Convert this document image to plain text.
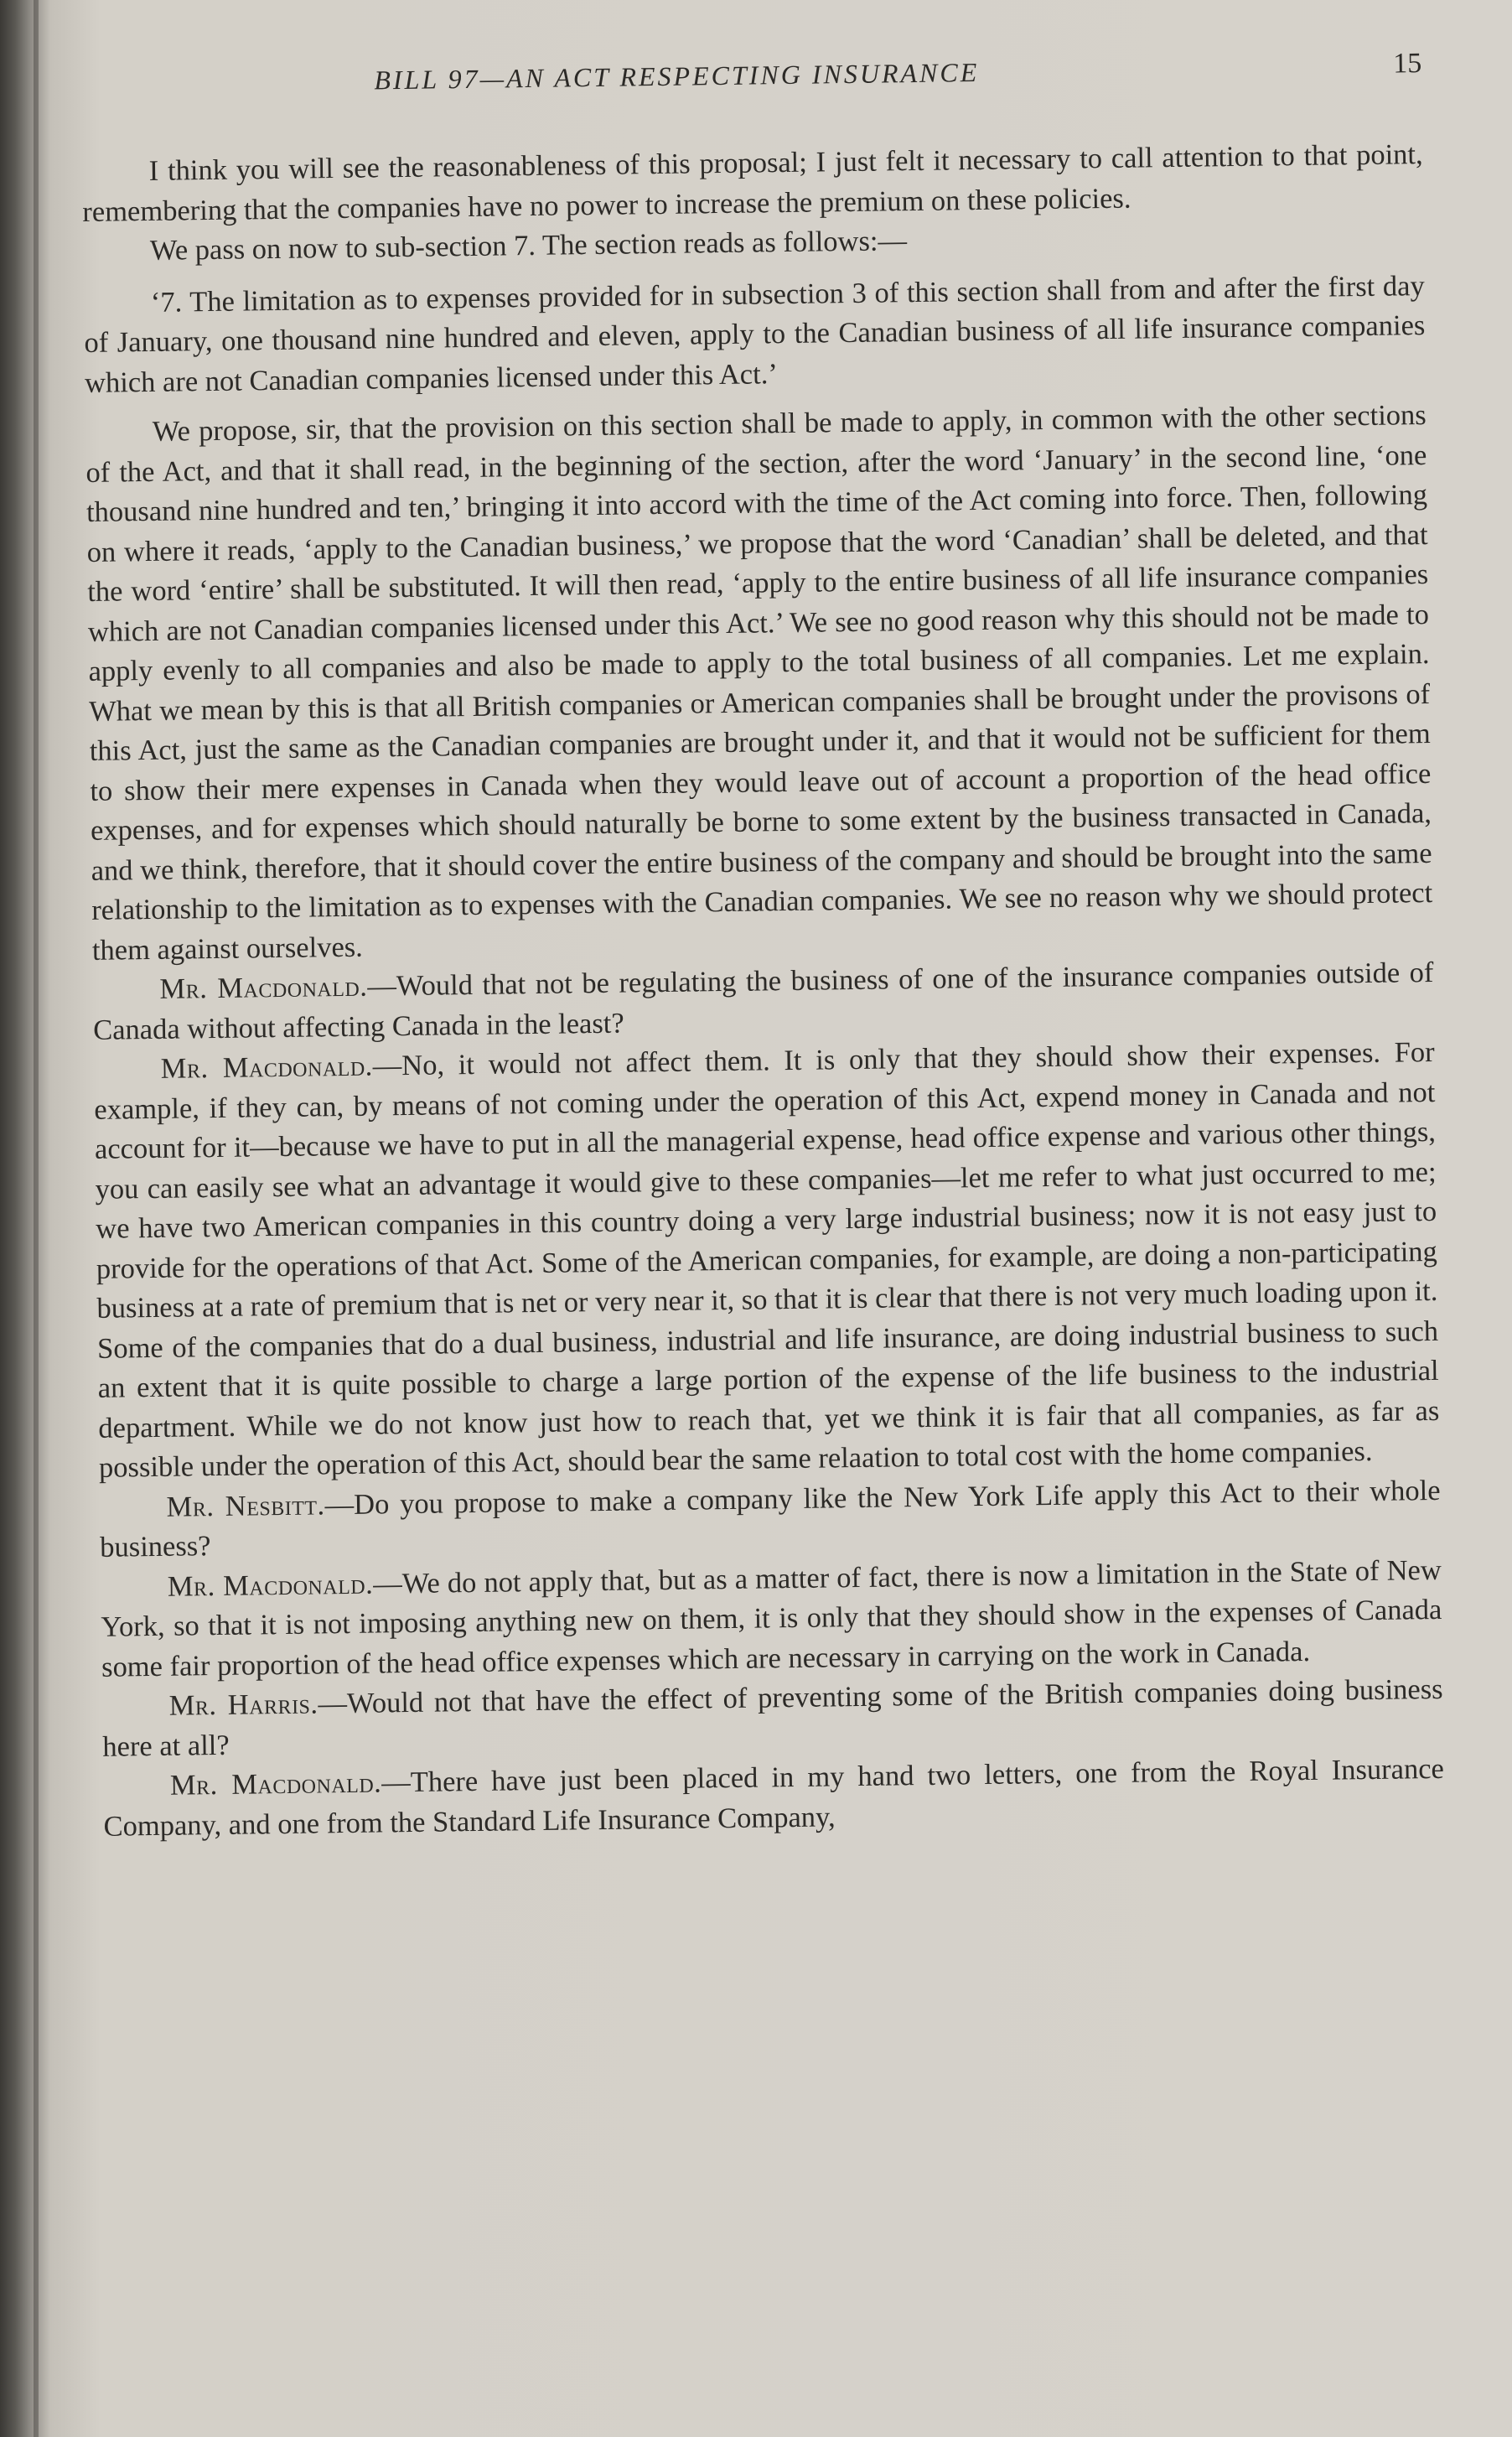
BILL 97—AN ACT RESPECTING INSURANCE	15

I think you will see the reasonableness of this proposal; I just felt it necessary to call attention to that point, remembering that the companies have no power to increase the premium on these policies.

We pass on now to sub-section 7. The section reads as follows:—

‘7. The limitation as to expenses provided for in subsection 3 of this section shall from and after the first day of January, one thousand nine hundred and eleven, apply to the Canadian business of all life insurance companies which are not Canadian companies licensed under this Act.’

We propose, sir, that the provision on this section shall be made to apply, in common with the other sections of the Act, and that it shall read, in the beginning of the section, after the word ‘January’ in the second line, ‘one thousand nine hundred and ten,’ bringing it into accord with the time of the Act coming into force. Then, following on where it reads, ‘apply to the Canadian business,’ we propose that the word ‘Canadian’ shall be deleted, and that the word ‘entire’ shall be substituted. It will then read, ‘apply to the entire business of all life insurance companies which are not Canadian companies licensed under this Act.’ We see no good reason why this should not be made to apply evenly to all companies and also be made to apply to the total business of all companies. Let me explain. What we mean by this is that all British companies or American companies shall be brought under the provisons of this Act, just the same as the Canadian companies are brought under it, and that it would not be sufficient for them to show their mere expenses in Canada when they would leave out of account a proportion of the head office expenses, and for expenses which should naturally be borne to some extent by the business transacted in Canada, and we think, therefore, that it should cover the entire business of the company and should be brought into the same relationship to the limitation as to expenses with the Canadian companies. We see no reason why we should protect them against ourselves.

Mr. Macdonald.—Would that not be regulating the business of one of the insurance companies outside of Canada without affecting Canada in the least?

Mr. Macdonald.—No, it would not affect them. It is only that they should show their expenses. For example, if they can, by means of not coming under the operation of this Act, expend money in Canada and not account for it—because we have to put in all the managerial expense, head office expense and various other things, you can easily see what an advantage it would give to these companies—let me refer to what just occurred to me; we have two American companies in this country doing a very large industrial business; now it is not easy just to provide for the operations of that Act. Some of the American companies, for example, are doing a non-participating business at a rate of premium that is net or very near it, so that it is clear that there is not very much loading upon it. Some of the companies that do a dual business, industrial and life insurance, are doing industrial business to such an extent that it is quite possible to charge a large portion of the expense of the life business to the industrial department. While we do not know just how to reach that, yet we think it is fair that all companies, as far as possible under the operation of this Act, should bear the same relaation to total cost with the home companies.

Mr. Nesbitt.—Do you propose to make a company like the New York Life apply this Act to their whole business?

Mr. Macdonald.—We do not apply that, but as a matter of fact, there is now a limitation in the State of New York, so that it is not imposing anything new on them, it is only that they should show in the expenses of Canada some fair proportion of the head office expenses which are necessary in carrying on the work in Canada.

Mr. Harris.—Would not that have the effect of preventing some of the British companies doing business here at all?

Mr. Macdonald.—There have just been placed in my hand two letters, one from the Royal Insurance Company, and one from the Standard Life Insurance Company,
